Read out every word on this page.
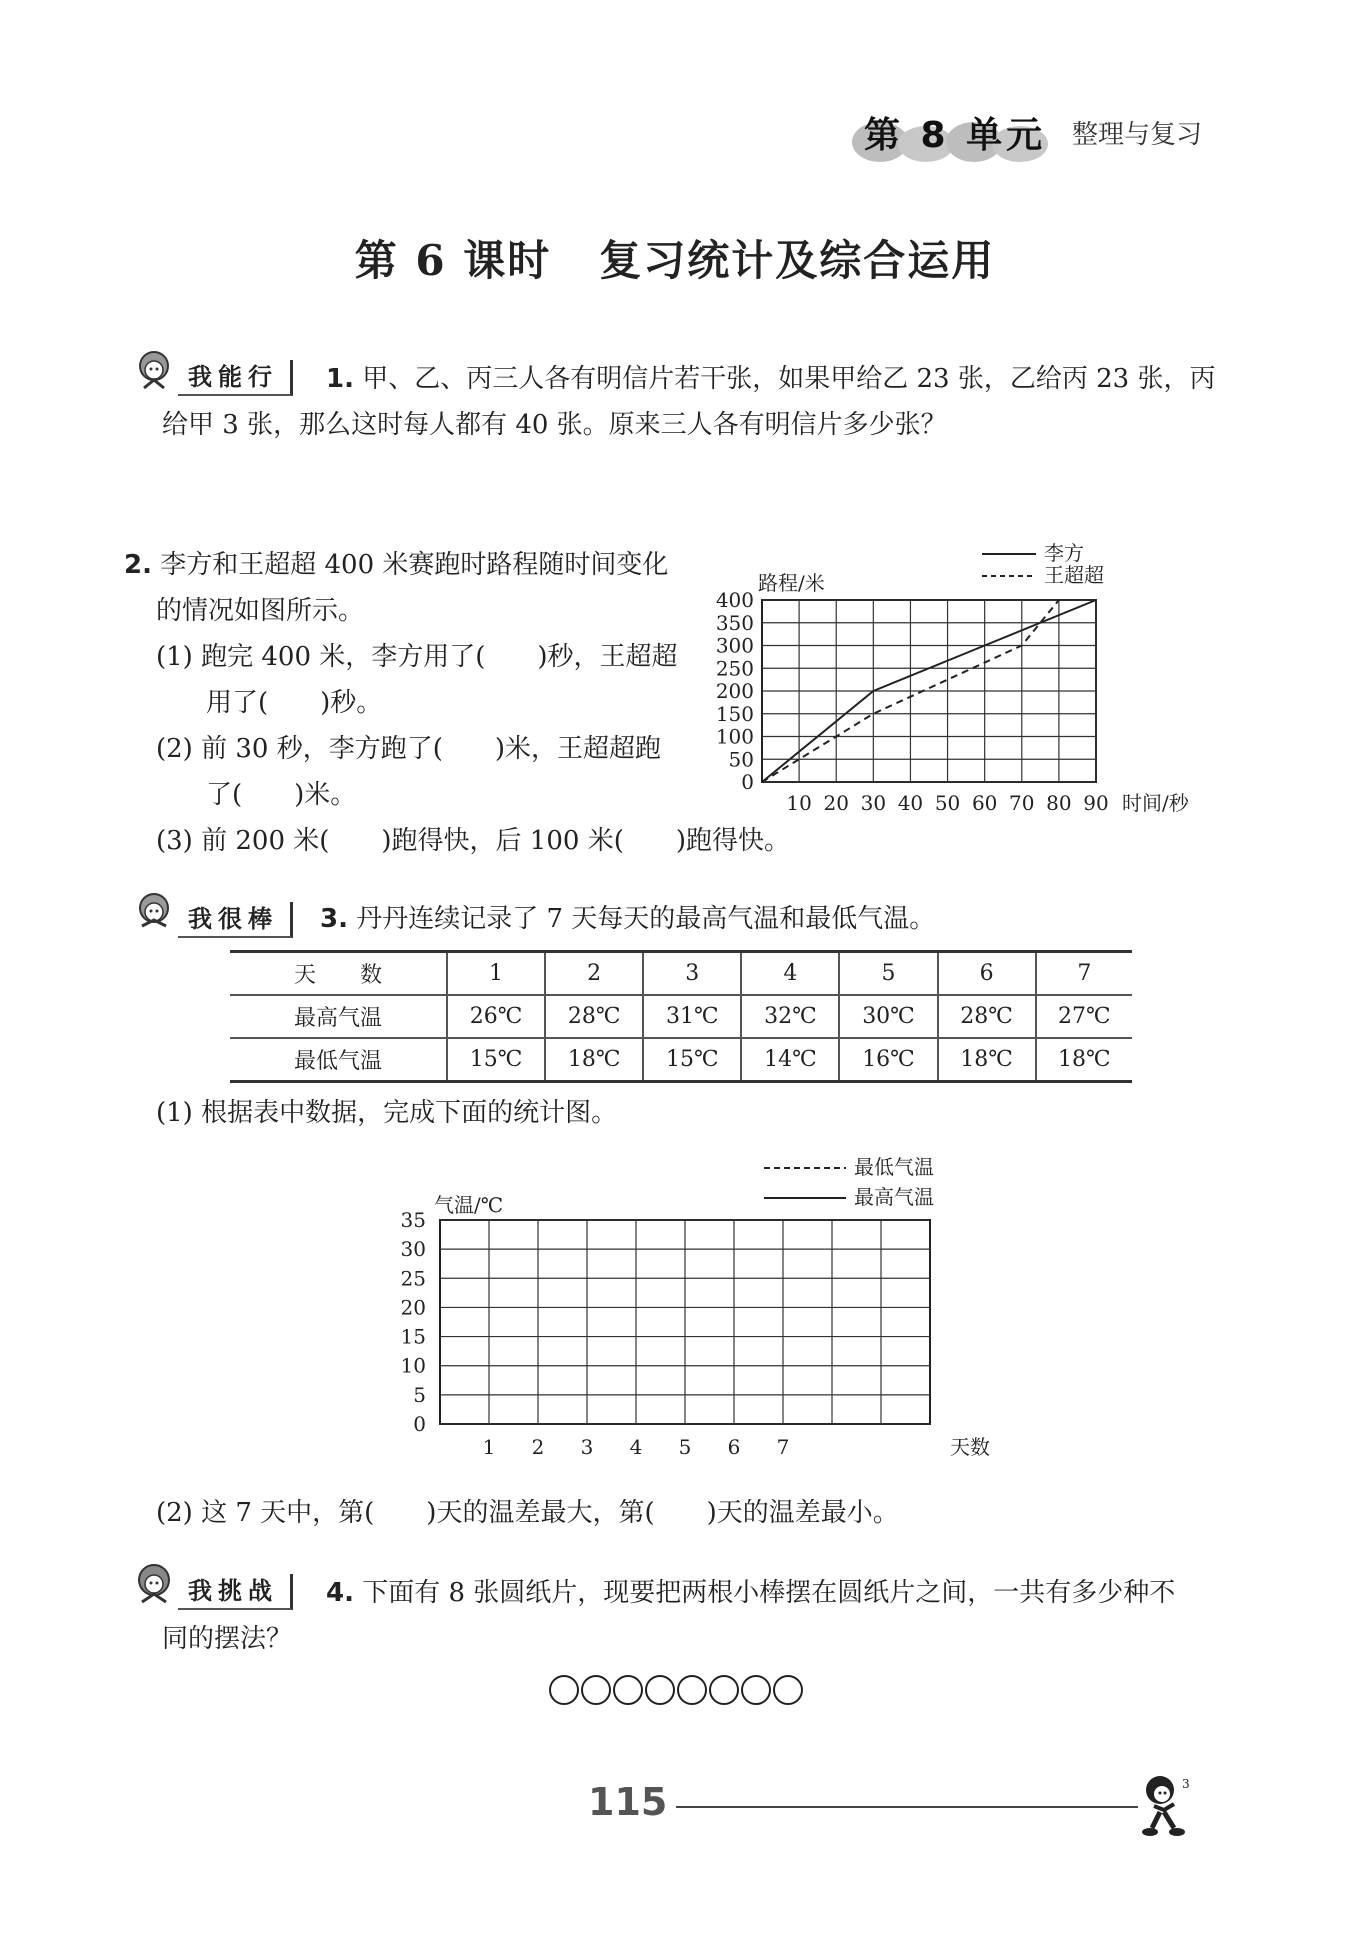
第 8 单元 整理与复习
第 6 课时 复习统计及综合运用
我能行	1. 甲、乙、丙三人各有明信片若干张，如果甲给乙 23 张，乙给丙 23 张，丙
给甲 3 张，那么这时每人都有 40 张。原来三人各有明信片多少张？
2. 李方和王超超 400 米赛跑时路程随时间变化
的情况如图所示。
(1) 跑完 400 米，李方用了(　　)秒，王超超
用了(　　)秒。
(2) 前 30 秒，李方跑了(　　)米，王超超跑
了(　　)米。
(3) 前 200 米(　　)跑得快，后 100 米(　　)跑得快。
10 20 30 40 50 60 70 80 90
0
50
100
150
200
250
300
350
400
路程/米
时间/秒
李方
王超超
我很棒	3. 丹丹连续记录了 7 天每天的最高气温和最低气温。
天　　数	1	2	3	4	5	6	7
最高气温	26℃	28℃	31℃	32℃	30℃	28℃	27℃
最低气温	15℃	18℃	15℃	14℃	16℃	18℃	18℃
(1) 根据表中数据，完成下面的统计图。
1 2 3 4 5 6 7
0
5
10
15
20
25
30
35
气温/℃
天数
最低气温
最高气温
(2) 这 7 天中，第(　　)天的温差最大，第(　　)天的温差最小。
我挑战	4. 下面有 8 张圆纸片，现要把两根小棒摆在圆纸片之间，一共有多少种不
同的摆法？
115	3
